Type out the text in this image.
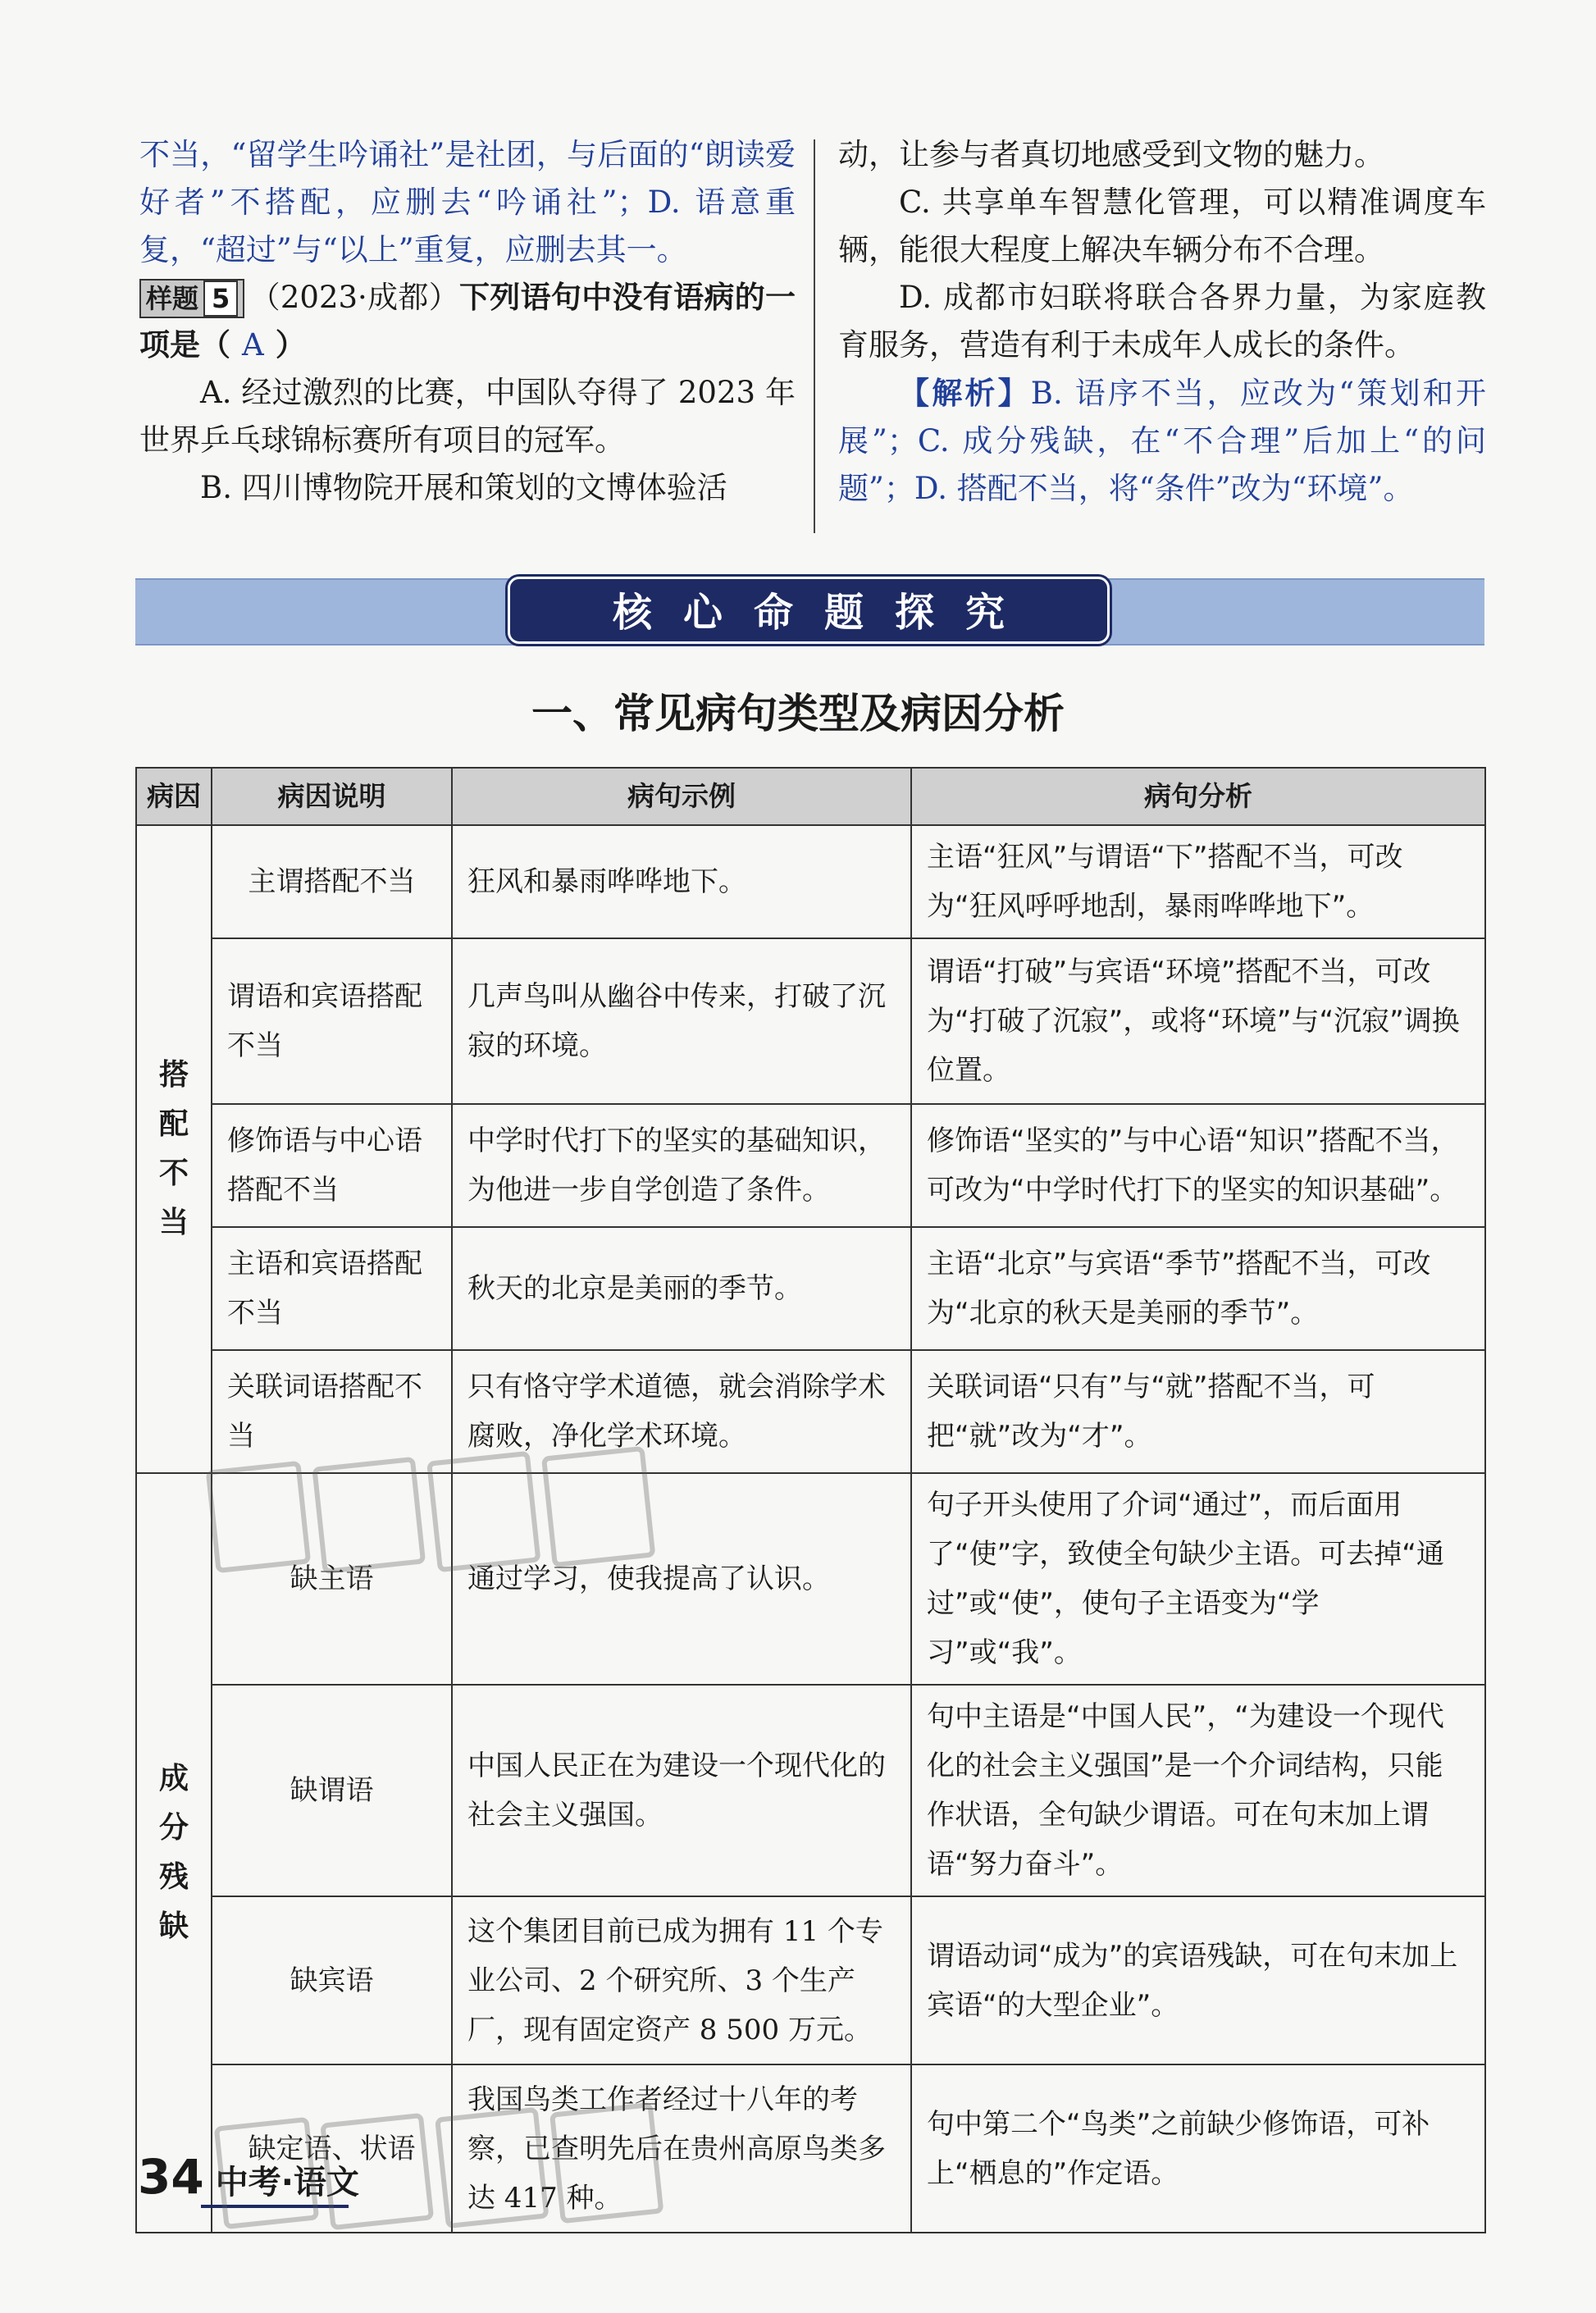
不当，“留学生吟诵社”是社团，与后面的“朗读爱好者”不搭配，应删去“吟诵社”；D. 语意重复，“超过”与“以上”重复，应删去其一。

样题 5 （2023·成都）下列语句中没有语病的一项是（ A ）

A. 经过激烈的比赛，中国队夺得了 2023 年世界乒乓球锦标赛所有项目的冠军。

B. 四川博物院开展和策划的文博体验活

动，让参与者真切地感受到文物的魅力。

C. 共享单车智慧化管理，可以精准调度车辆，能很大程度上解决车辆分布不合理。

D. 成都市妇联将联合各界力量，为家庭教育服务，营造有利于未成年人成长的条件。

【解析】B. 语序不当，应改为“策划和开展”；C. 成分残缺，在“不合理”后加上“的问题”；D. 搭配不当，将“条件”改为“环境”。

核心命题探究
一、常见病句类型及病因分析
病因	病因说明	病句示例	病句分析

搭
配
不
当	主谓搭配不当	狂风和暴雨哗哗地下。	主语“狂风”与谓语“下”搭配不当，可改为“狂风呼呼地刮，暴雨哗哗地下”。
	谓语和宾语搭配不当	几声鸟叫从幽谷中传来，打破了沉寂的环境。	谓语“打破”与宾语“环境”搭配不当，可改为“打破了沉寂”，或将“环境”与“沉寂”调换位置。
	修饰语与中心语搭配不当	中学时代打下的坚实的基础知识，为他进一步自学创造了条件。	修饰语“坚实的”与中心语“知识”搭配不当，可改为“中学时代打下的坚实的知识基础”。
	主语和宾语搭配不当	秋天的北京是美丽的季节。	主语“北京”与宾语“季节”搭配不当，可改为“北京的秋天是美丽的季节”。
	关联词语搭配不当	只有恪守学术道德，就会消除学术腐败，净化学术环境。	关联词语“只有”与“就”搭配不当，可把“就”改为“才”。

成
分
残
缺	缺主语	通过学习，使我提高了认识。	句子开头使用了介词“通过”，而后面用了“使”字，致使全句缺少主语。可去掉“通过”或“使”，使句子主语变为“学习”或“我”。
	缺谓语	中国人民正在为建设一个现代化的社会主义强国。	句中主语是“中国人民”，“为建设一个现代化的社会主义强国”是一个介词结构，只能作状语，全句缺少谓语。可在句末加上谓语“努力奋斗”。
	缺宾语	这个集团目前已成为拥有 11 个专业公司、2 个研究所、3 个生产厂，现有固定资产 8 500 万元。	谓语动词“成为”的宾语残缺，可在句末加上宾语“的大型企业”。
	缺定语、状语	我国鸟类工作者经过十八年的考察，已查明先后在贵州高原鸟类多达 417 种。	句中第二个“鸟类”之前缺少修饰语，可补上“栖息的”作定语。
34 中考·语文
